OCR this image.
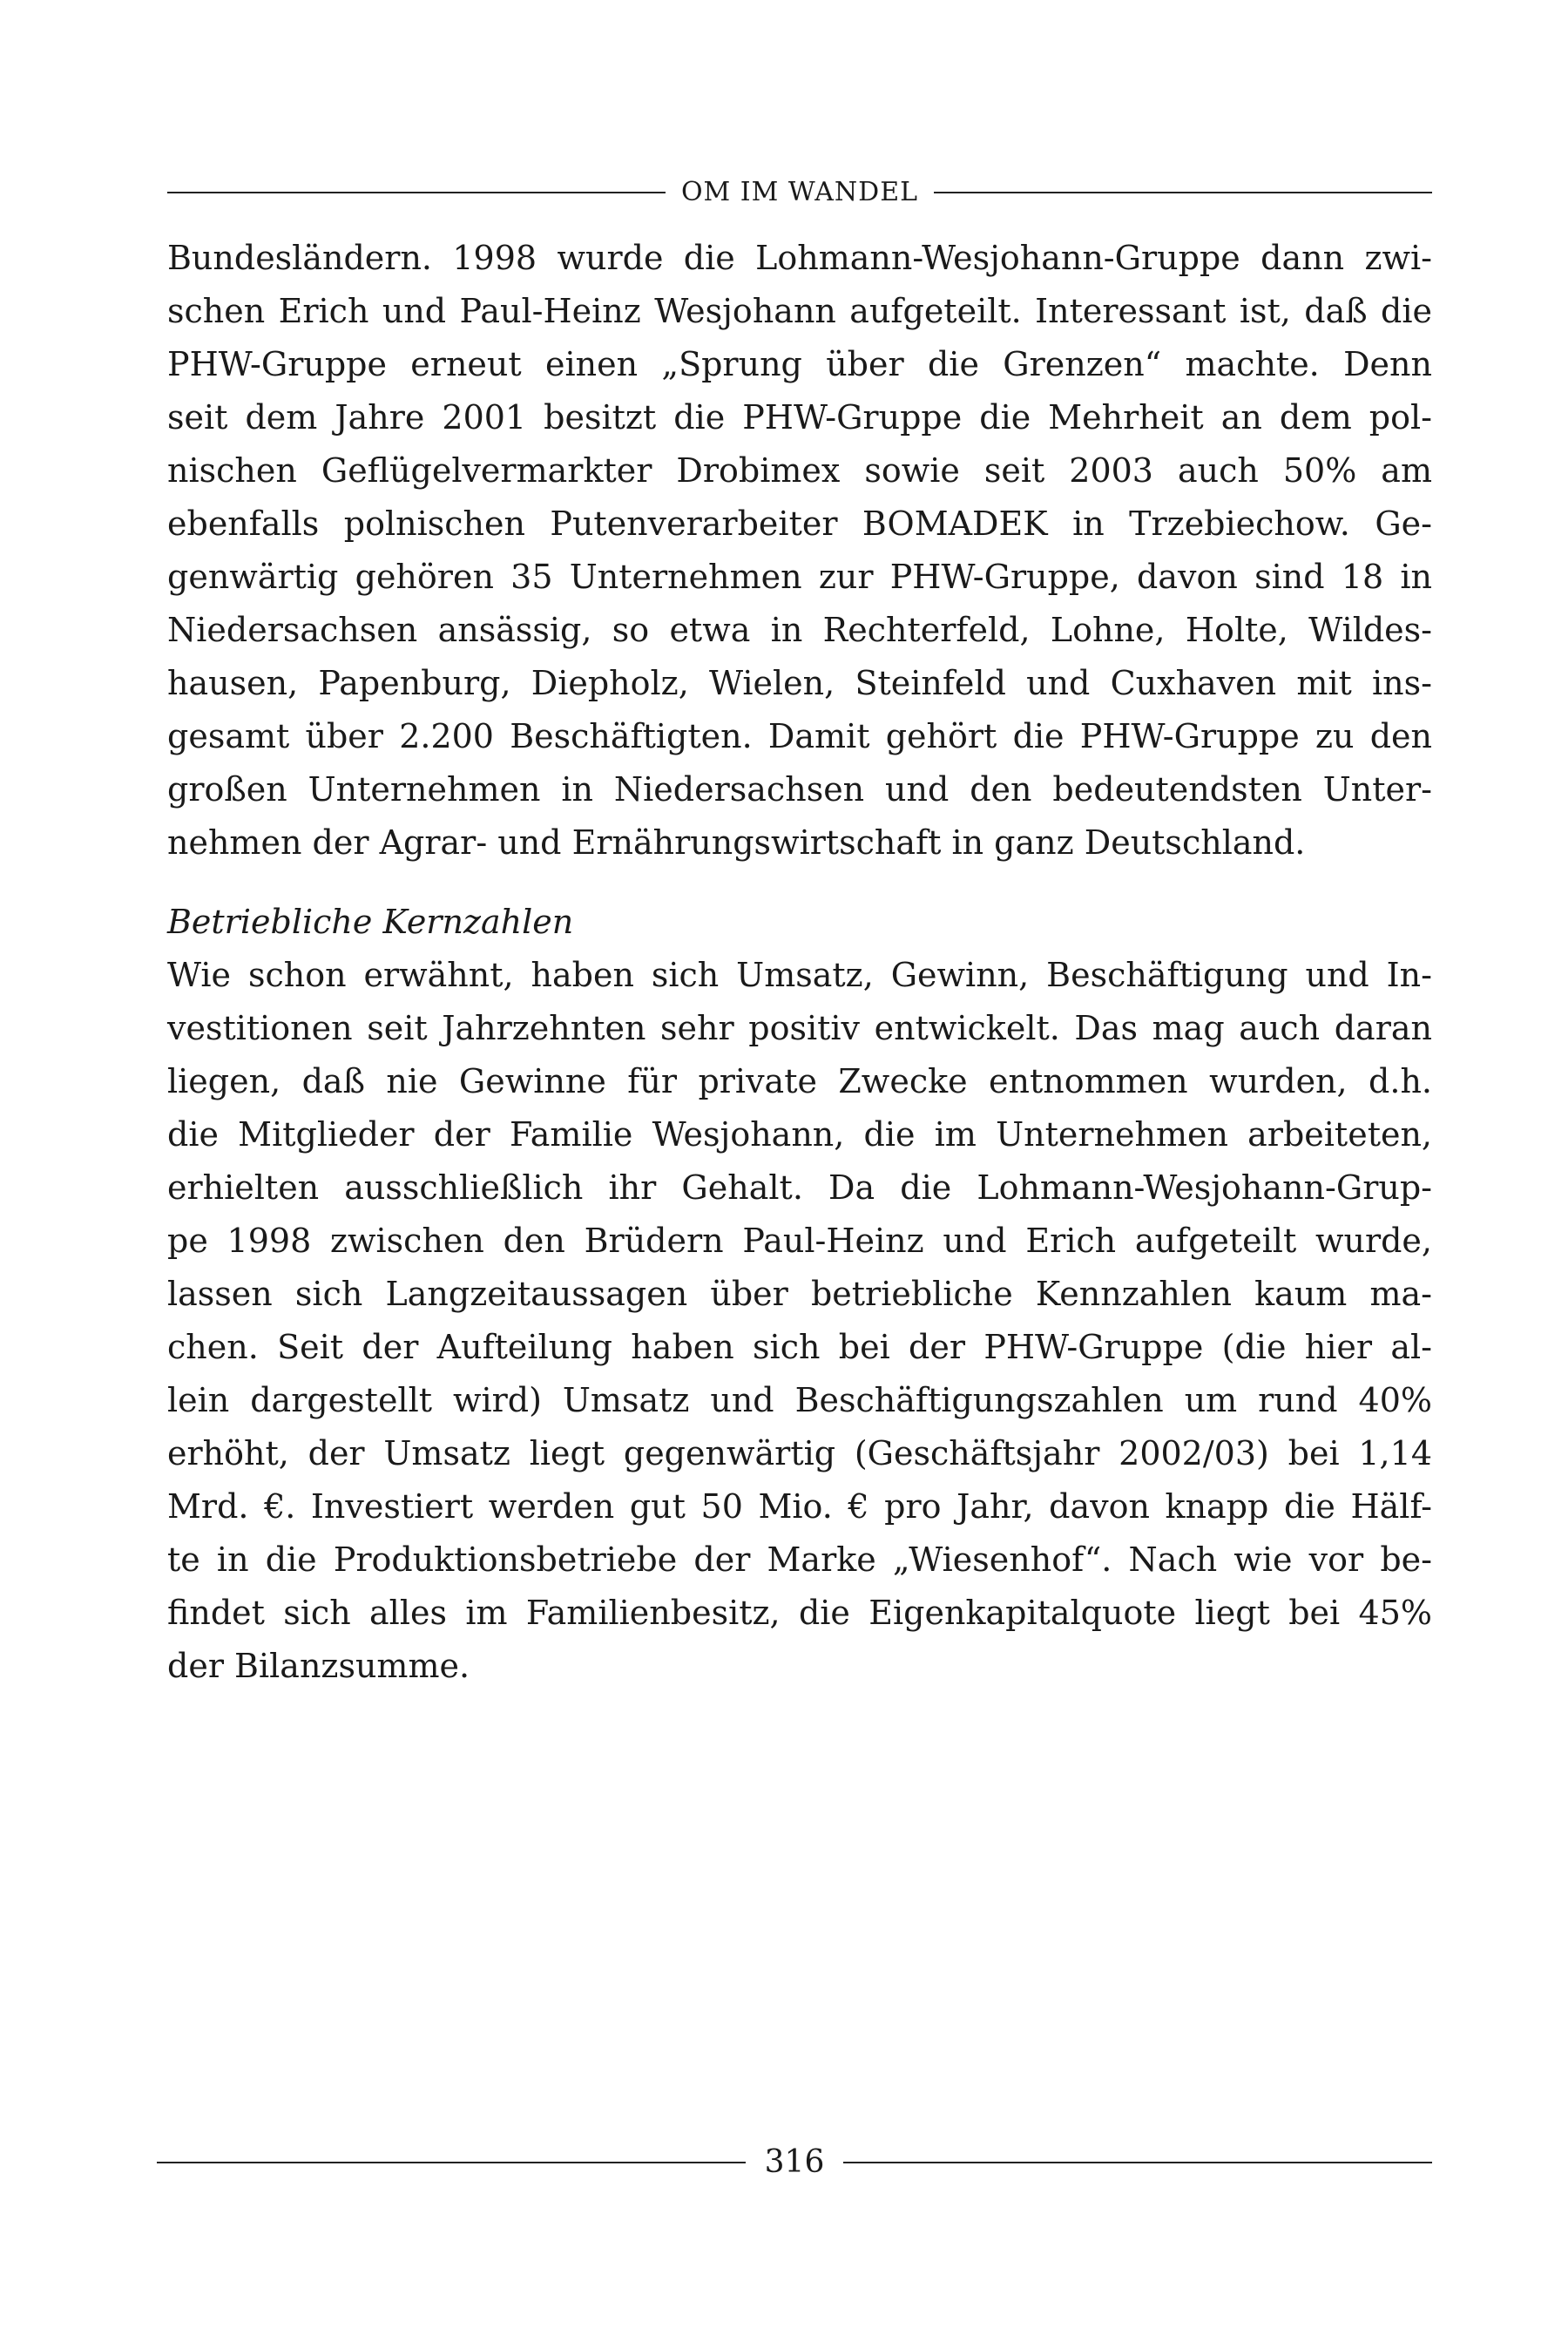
OM IM WANDEL
Bundesländern. 1998 wurde die Lohmann-Wesjohann-Gruppe dann zwi-
schen Erich und Paul-Heinz Wesjohann aufgeteilt. Interessant ist, daß die
PHW-Gruppe erneut einen „Sprung über die Grenzen“ machte. Denn
seit dem Jahre 2001 besitzt die PHW-Gruppe die Mehrheit an dem pol-
nischen Geflügelvermarkter Drobimex sowie seit 2003 auch 50% am
ebenfalls polnischen Putenverarbeiter BOMADEK in Trzebiechow. Ge-
genwärtig gehören 35 Unternehmen zur PHW-Gruppe, davon sind 18 in
Niedersachsen ansässig, so etwa in Rechterfeld, Lohne, Holte, Wildes-
hausen, Papenburg, Diepholz, Wielen, Steinfeld und Cuxhaven mit ins-
gesamt über 2.200 Beschäftigten. Damit gehört die PHW-Gruppe zu den
großen Unternehmen in Niedersachsen und den bedeutendsten Unter-
nehmen der Agrar- und Ernährungswirtschaft in ganz Deutschland.
Betriebliche Kernzahlen
Wie schon erwähnt, haben sich Umsatz, Gewinn, Beschäftigung und In-
vestitionen seit Jahrzehnten sehr positiv entwickelt. Das mag auch daran
liegen, daß nie Gewinne für private Zwecke entnommen wurden, d.h.
die Mitglieder der Familie Wesjohann, die im Unternehmen arbeiteten,
erhielten ausschließlich ihr Gehalt. Da die Lohmann-Wesjohann-Grup-
pe 1998 zwischen den Brüdern Paul-Heinz und Erich aufgeteilt wurde,
lassen sich Langzeitaussagen über betriebliche Kennzahlen kaum ma-
chen. Seit der Aufteilung haben sich bei der PHW-Gruppe (die hier al-
lein dargestellt wird) Umsatz und Beschäftigungszahlen um rund 40%
erhöht, der Umsatz liegt gegenwärtig (Geschäftsjahr 2002/03) bei 1,14
Mrd. €. Investiert werden gut 50 Mio. € pro Jahr, davon knapp die Hälf-
te in die Produktionsbetriebe der Marke „Wiesenhof“. Nach wie vor be-
findet sich alles im Familienbesitz, die Eigenkapitalquote liegt bei 45%
der Bilanzsumme.
316
